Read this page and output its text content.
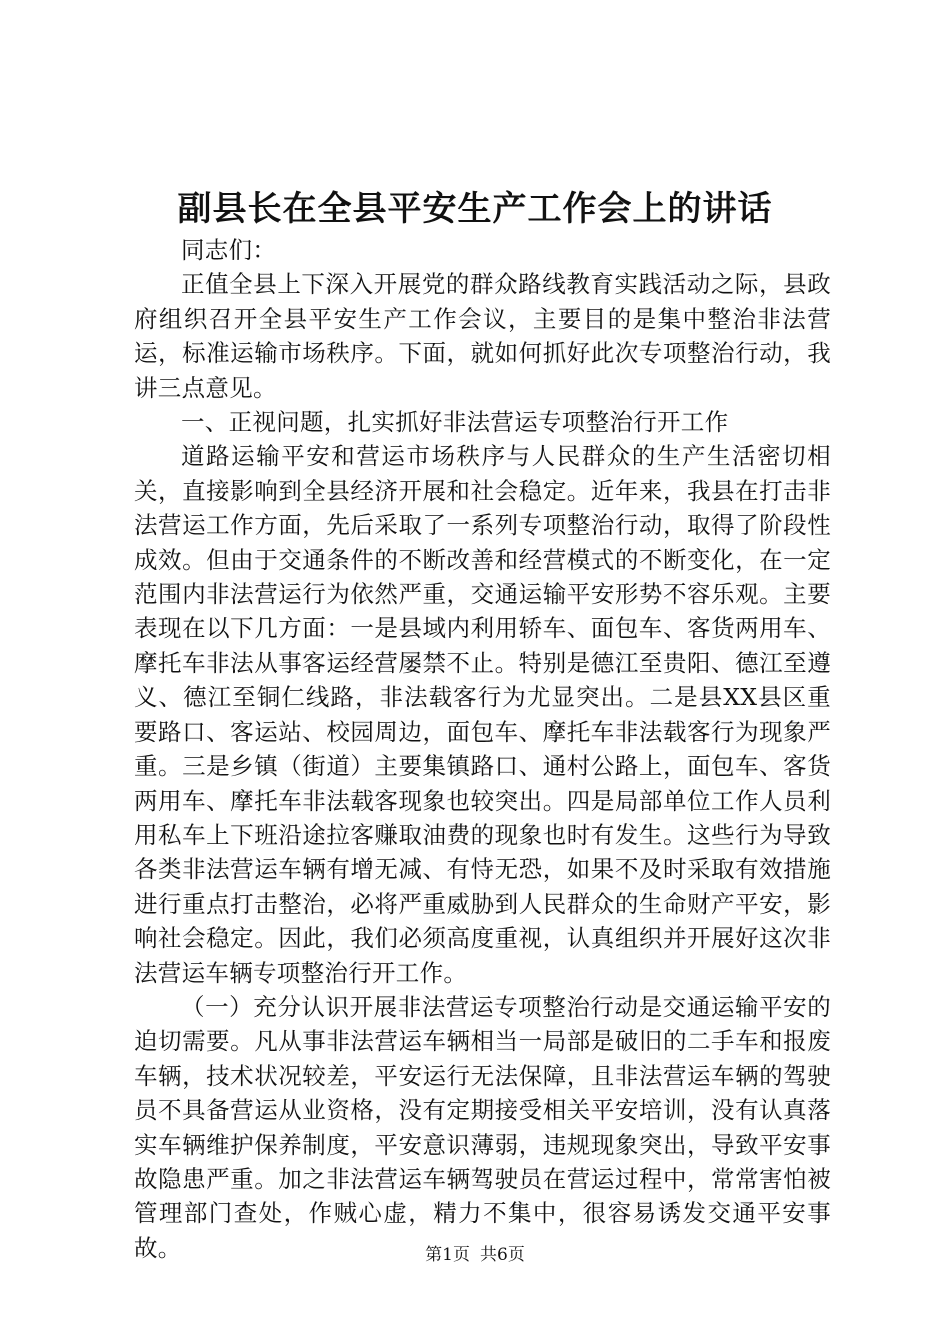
副县长在全县平安生产工作会上的讲话

同志们：

正值全县上下深入开展党的群众路线教育实践活动之际，县政府组织召开全县平安生产工作会议，主要目的是集中整治非法营运，标准运输市场秩序。下面，就如何抓好此次专项整治行动，我讲三点意见。

一、正视问题，扎实抓好非法营运专项整治行开工作

道路运输平安和营运市场秩序与人民群众的生产生活密切相关，直接影响到全县经济开展和社会稳定。近年来，我县在打击非法营运工作方面，先后采取了一系列专项整治行动，取得了阶段性成效。但由于交通条件的不断改善和经营模式的不断变化，在一定范围内非法营运行为依然严重，交通运输平安形势不容乐观。主要表现在以下几方面：一是县域内利用轿车、面包车、客货两用车、摩托车非法从事客运经营屡禁不止。特别是德江至贵阳、德江至遵义、德江至铜仁线路，非法载客行为尤显突出。二是县XX县区重要路口、客运站、校园周边，面包车、摩托车非法载客行为现象严重。三是乡镇（街道）主要集镇路口、通村公路上，面包车、客货两用车、摩托车非法载客现象也较突出。四是局部单位工作人员利用私车上下班沿途拉客赚取油费的现象也时有发生。这些行为导致各类非法营运车辆有增无减、有恃无恐，如果不及时采取有效措施进行重点打击整治，必将严重威胁到人民群众的生命财产平安，影响社会稳定。因此，我们必须高度重视，认真组织并开展好这次非法营运车辆专项整治行开工作。

（一）充分认识开展非法营运专项整治行动是交通运输平安的迫切需要。凡从事非法营运车辆相当一局部是破旧的二手车和报废车辆，技术状况较差，平安运行无法保障，且非法营运车辆的驾驶员不具备营运从业资格，没有定期接受相关平安培训，没有认真落实车辆维护保养制度，平安意识薄弱，违规现象突出，导致平安事故隐患严重。加之非法营运车辆驾驶员在营运过程中，常常害怕被管理部门查处，作贼心虚，精力不集中，很容易诱发交通平安事故。	第1页 共6页
